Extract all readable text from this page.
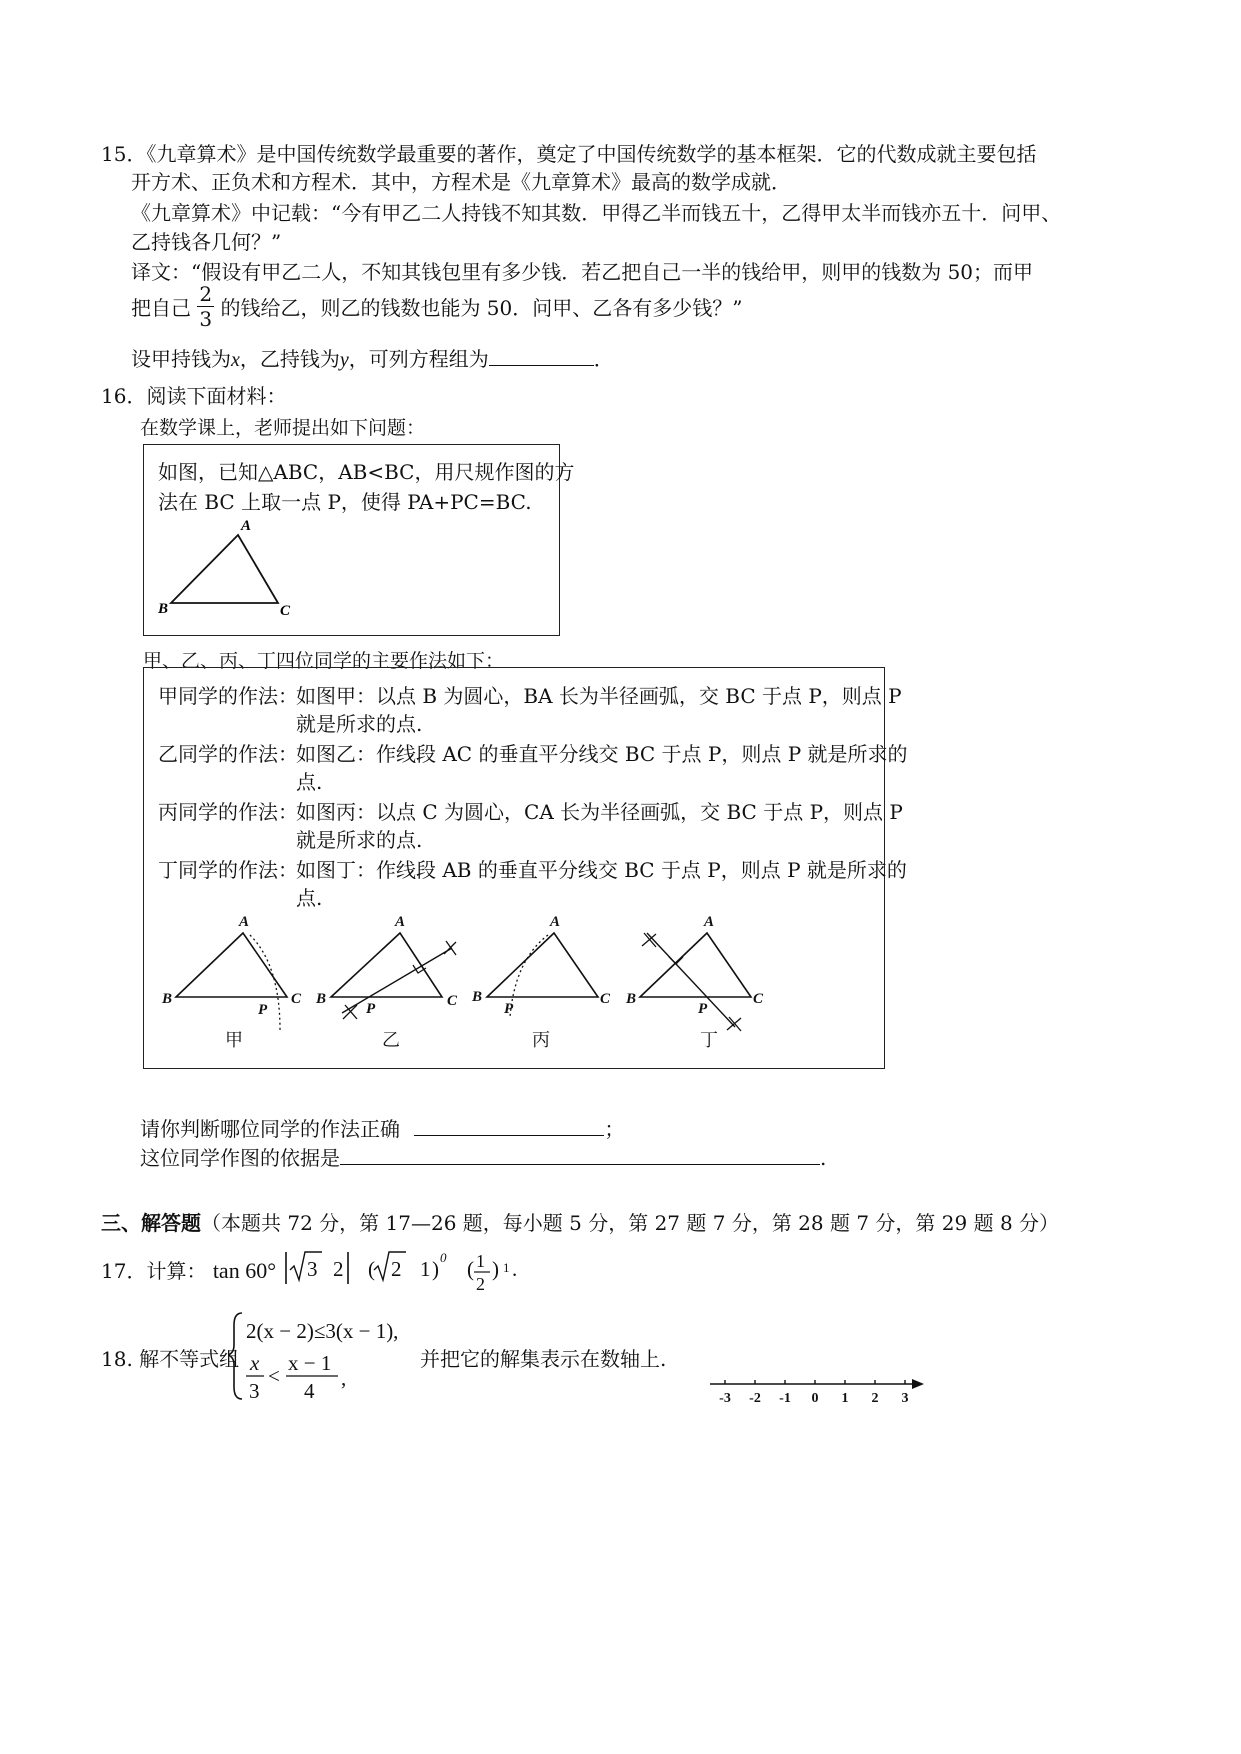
15．《九章算术》是中国传统数学最重要的著作，奠定了中国传统数学的基本框架．它的代数成就主要包括
开方术、正负术和方程术．其中，方程术是《九章算术》最高的数学成就．
《九章算术》中记载：“今有甲乙二人持钱不知其数．甲得乙半而钱五十，乙得甲太半而钱亦五十．问甲、
乙持钱各几何？”
译文：“假设有甲乙二人，不知其钱包里有多少钱．若乙把自己一半的钱给甲，则甲的钱数为 50；而甲
把自己 $\frac{2}{3}$ 的钱给乙，则乙的钱数也能为 50．问甲、乙各有多少钱？”
设甲持钱为x，乙持钱为y，可列方程组为	．
16．阅读下面材料：
在数学课上，老师提出如下问题：
如图，已知△ABC，AB<BC，用尺规作图的方
法在 BC 上取一点 P，使得 PA+PC=BC.
A
B	C
甲、乙、丙、丁四位同学的主要作法如下：
甲同学的作法：
如图甲：以点 B 为圆心，BA 长为半径画弧，交 BC 于点 P，则点 P
就是所求的点.
乙同学的作法：
如图乙：作线段 AC 的垂直平分线交 BC 于点 P，则点 P 就是所求的
点.
丙同学的作法：
如图丙：以点 C 为圆心，CA 长为半径画弧，交 BC 于点 P，则点 P
就是所求的点.
丁同学的作法：
如图丁：作线段 AB 的垂直平分线交 BC 于点 P，则点 P 就是所求的
点.
A
B	C
P
A
B	C
P
A
B	C
P
A
B	C
P
甲	乙	丙	丁
请你判断哪位同学的作法正确	；
这位同学作图的依据是	.
三、解答题（本题共 72 分，第 17—26 题，每小题 5 分，第 27 题 7 分，第 28 题 7 分，第 29 题 8 分）
17．计算： tan 60° 3 2 ( 2 1 ) 0 ( 1
2
) 1 .
18. 解不等式组
2(x − 2)≤3(x − 1),
x
3
<
x − 1
4
,
并把它的解集表示在数轴上.
-3 -2 -1 0 1 2 3
